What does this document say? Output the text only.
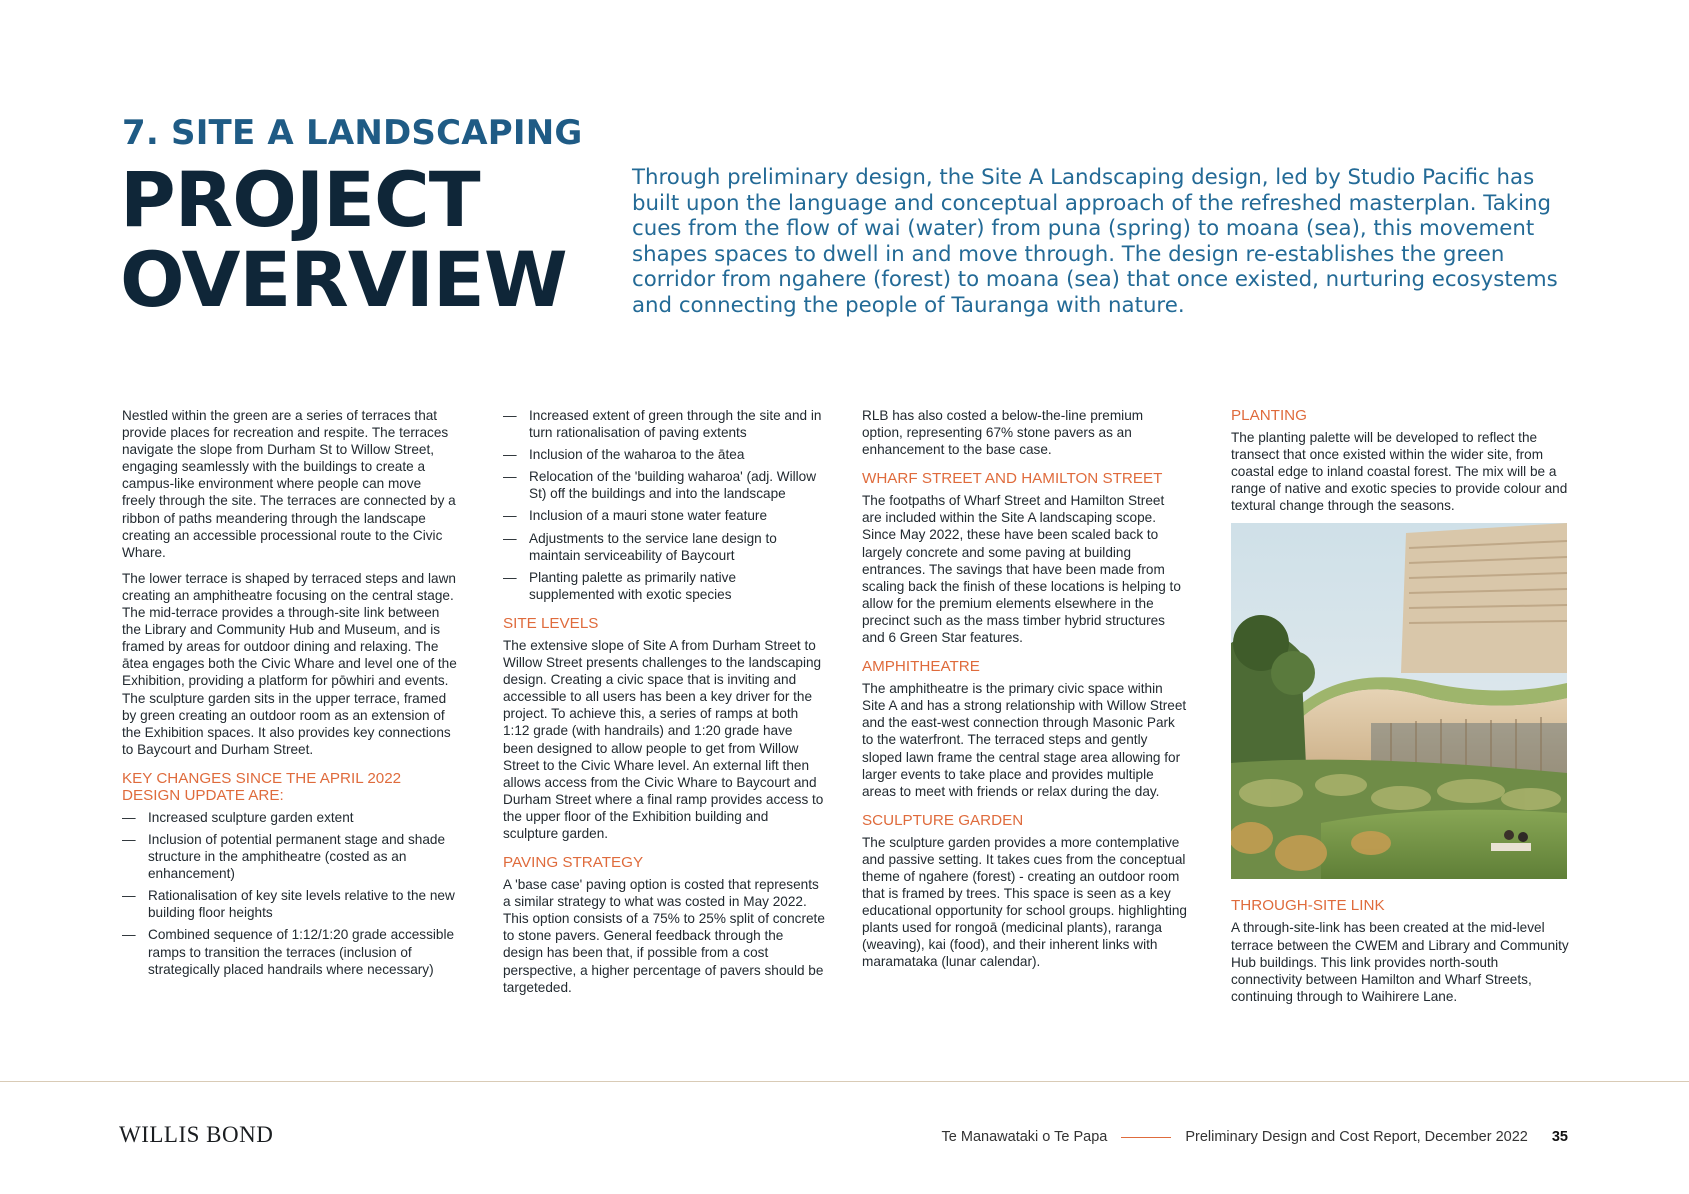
7. SITE A LANDSCAPING
PROJECT
OVERVIEW

Through preliminary design, the Site A Landscaping design, led by Studio Pacific has built upon the language and conceptual approach of the refreshed masterplan. Taking cues from the flow of wai (water) from puna (spring) to moana (sea), this movement shapes spaces to dwell in and move through. The design re-establishes the green corridor from ngahere (forest) to moana (sea) that once existed, nurturing ecosystems and connecting the people of Tauranga with nature.

Nestled within the green are a series of terraces that provide places for recreation and respite. The terraces navigate the slope from Durham St to Willow Street, engaging seamlessly with the buildings to create a campus-like environment where people can move freely through the site. The terraces are connected by a ribbon of paths meandering through the landscape creating an accessible processional route to the Civic Whare.

The lower terrace is shaped by terraced steps and lawn creating an amphitheatre focusing on the central stage. The mid-terrace provides a through-site link between the Library and Community Hub and Museum, and is framed by areas for outdoor dining and relaxing. The ātea engages both the Civic Whare and level one of the Exhibition, providing a platform for pōwhiri and events. The sculpture garden sits in the upper terrace, framed by green creating an outdoor room as an extension of the Exhibition spaces. It also provides key connections to Baycourt and Durham Street.

KEY CHANGES SINCE THE APRIL 2022 DESIGN UPDATE ARE:
— Increased sculpture garden extent
— Inclusion of potential permanent stage and shade structure in the amphitheatre (costed as an enhancement)
— Rationalisation of key site levels relative to the new building floor heights
— Combined sequence of 1:12/1:20 grade accessible ramps to transition the terraces (inclusion of strategically placed handrails where necessary)
— Increased extent of green through the site and in turn rationalisation of paving extents
— Inclusion of the waharoa to the ātea
— Relocation of the 'building waharoa' (adj. Willow St) off the buildings and into the landscape
— Inclusion of a mauri stone water feature
— Adjustments to the service lane design to maintain serviceability of Baycourt
— Planting palette as primarily native supplemented with exotic species
SITE LEVELS

The extensive slope of Site A from Durham Street to Willow Street presents challenges to the landscaping design. Creating a civic space that is inviting and accessible to all users has been a key driver for the project. To achieve this, a series of ramps at both 1:12 grade (with handrails) and 1:20 grade have been designed to allow people to get from Willow Street to the Civic Whare level. An external lift then allows access from the Civic Whare to Baycourt and Durham Street where a final ramp provides access to the upper floor of the Exhibition building and sculpture garden.

PAVING STRATEGY

A 'base case' paving option is costed that represents a similar strategy to what was costed in May 2022. This option consists of a 75% to 25% split of concrete to stone pavers. General feedback through the design has been that, if possible from a cost perspective, a higher percentage of pavers should be targeteded.

RLB has also costed a below-the-line premium option, representing 67% stone pavers as an enhancement to the base case.

WHARF STREET AND HAMILTON STREET

The footpaths of Wharf Street and Hamilton Street are included within the Site A landscaping scope. Since May 2022, these have been scaled back to largely concrete and some paving at building entrances. The savings that have been made from scaling back the finish of these locations is helping to allow for the premium elements elsewhere in the precinct such as the mass timber hybrid structures and 6 Green Star features.

AMPHITHEATRE

The amphitheatre is the primary civic space within Site A and has a strong relationship with Willow Street and the east-west connection through Masonic Park to the waterfront. The terraced steps and gently sloped lawn frame the central stage area allowing for larger events to take place and provides multiple areas to meet with friends or relax during the day.

SCULPTURE GARDEN

The sculpture garden provides a more contemplative and passive setting. It takes cues from the conceptual theme of ngahere (forest) - creating an outdoor room that is framed by trees. This space is seen as a key educational opportunity for school groups. highlighting plants used for rongoā (medicinal plants), raranga (weaving), kai (food), and their inherent links with maramataka (lunar calendar).

PLANTING

The planting palette will be developed to reflect the transect that once existed within the wider site, from coastal edge to inland coastal forest. The mix will be a range of native and exotic species to provide colour and textural change through the seasons.

THROUGH-SITE LINK

A through-site-link has been created at the mid-level terrace between the CWEM and Library and Community Hub buildings. This link provides north-south connectivity between Hamilton and Wharf Streets, continuing through to Waihirere Lane.

WILLIS BOND	Te Manawataki o Te Papa	Preliminary Design and Cost Report, December 2022 35
